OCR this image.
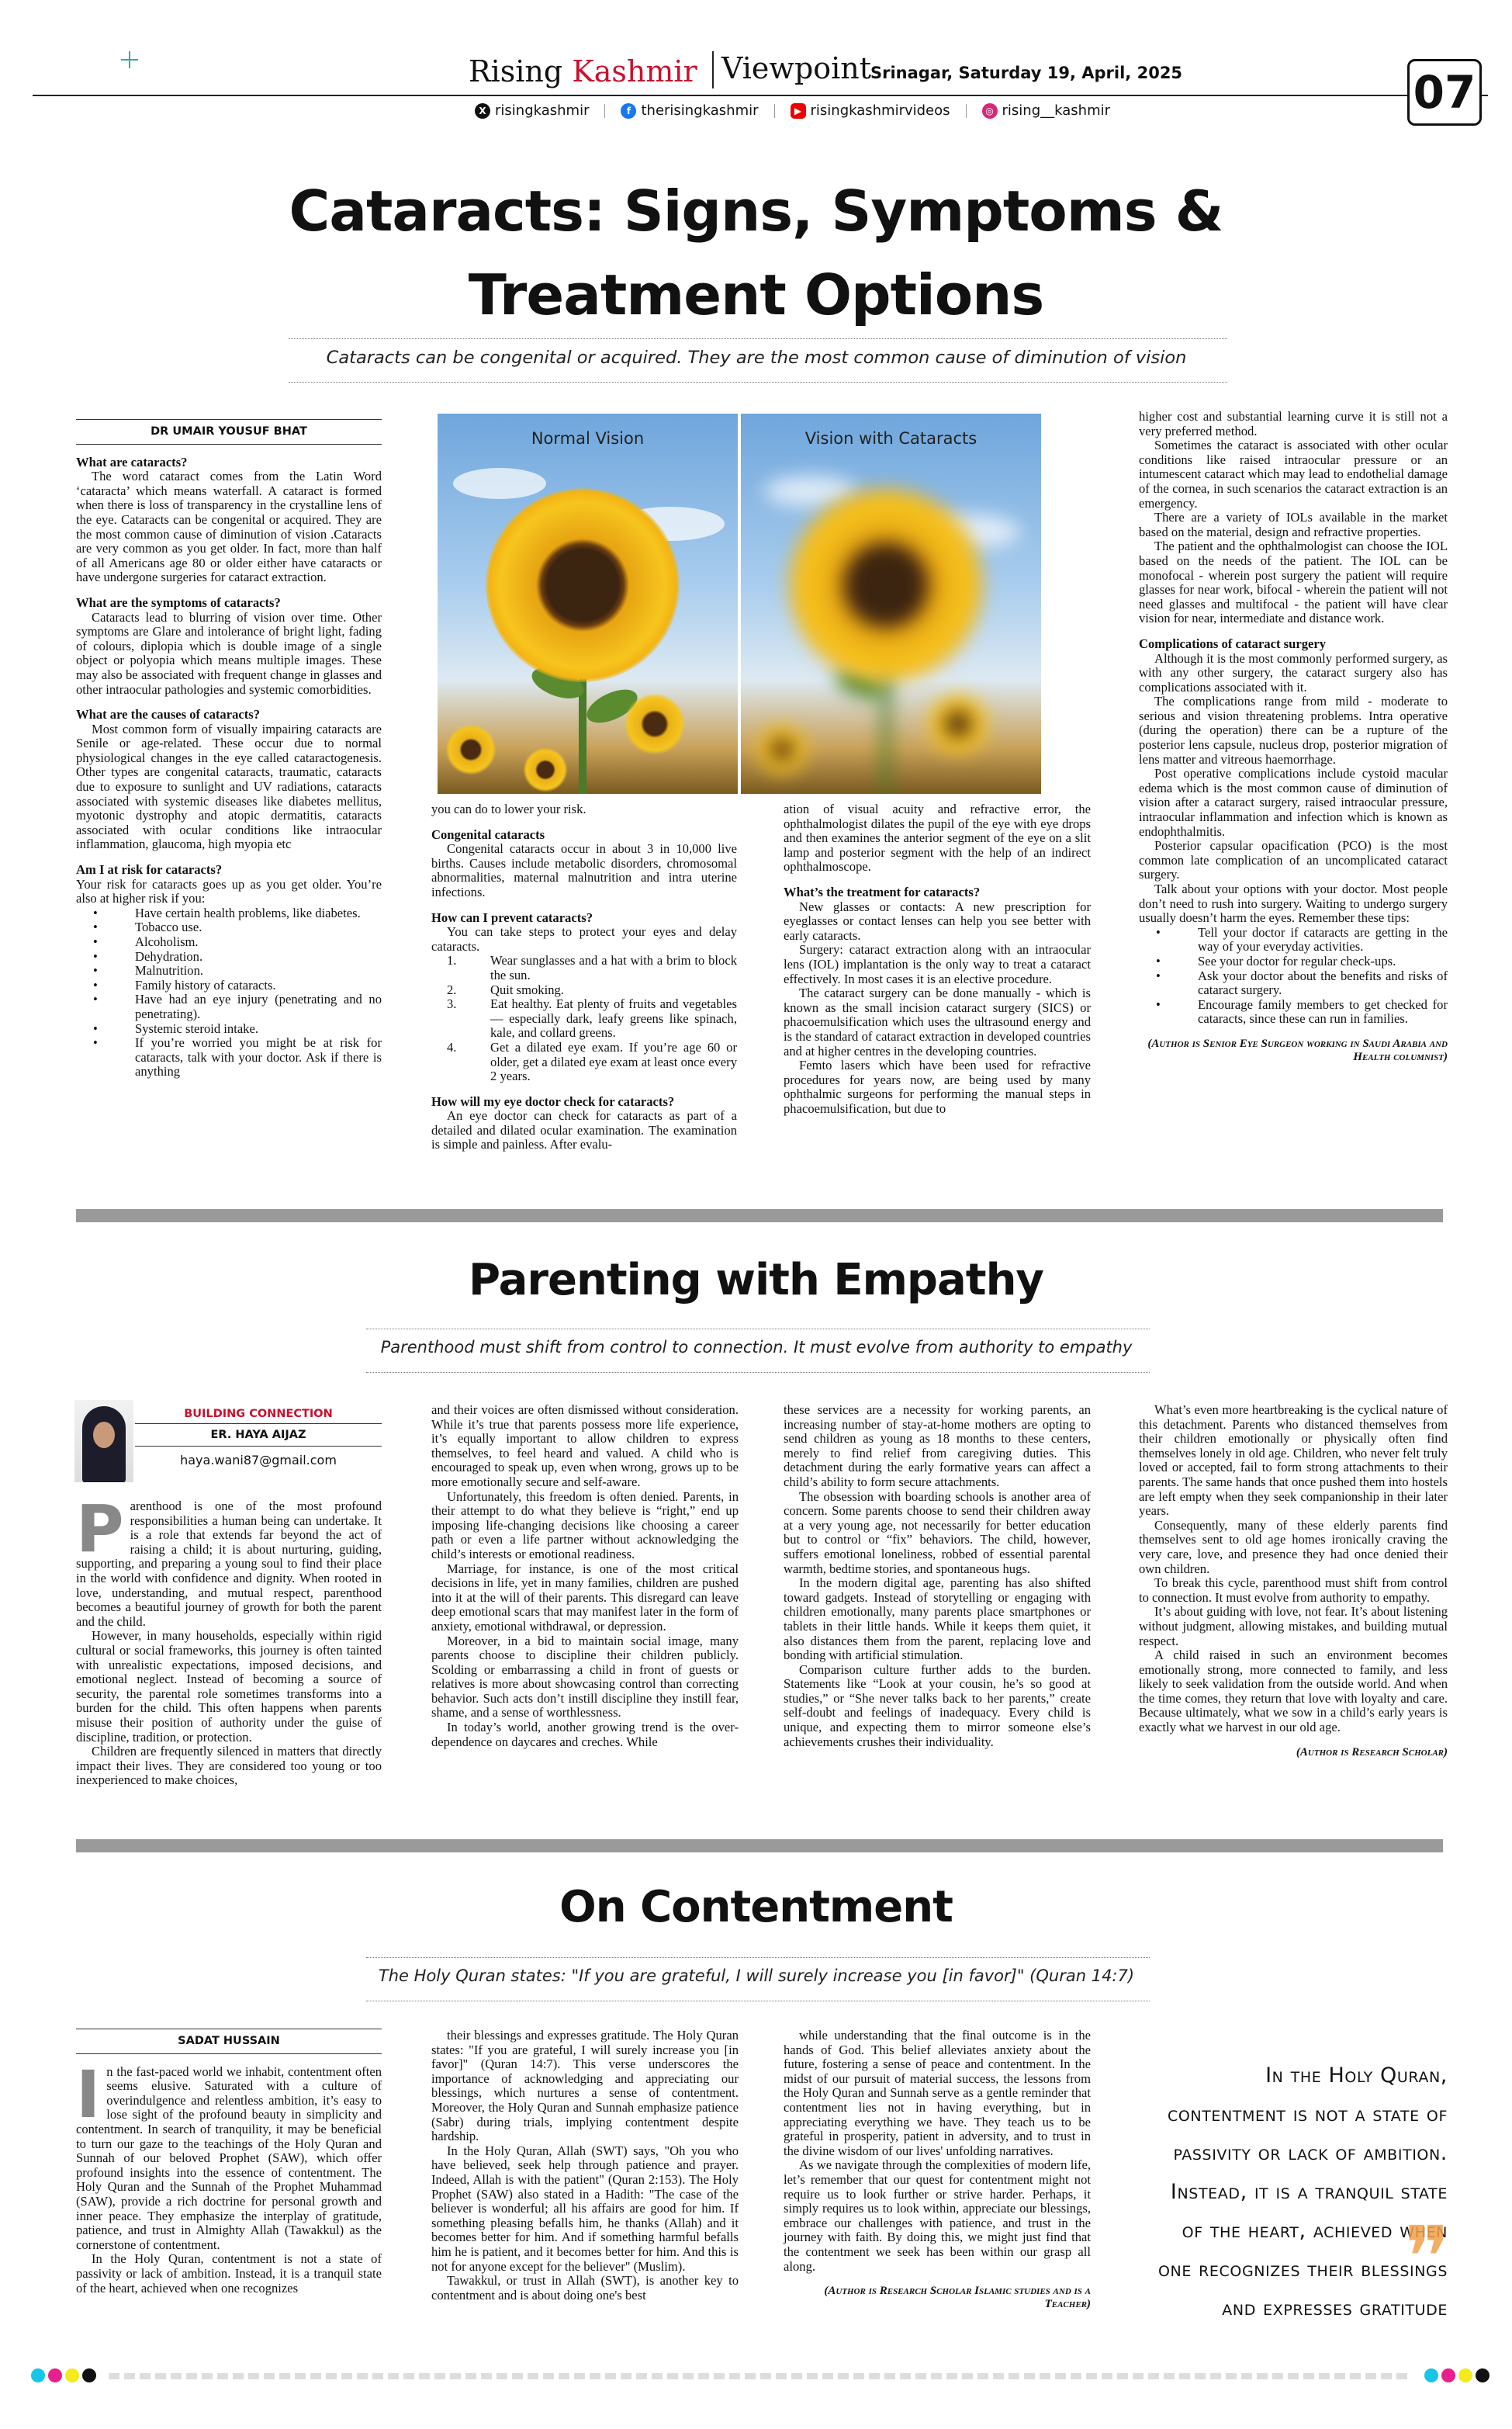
Rising Kashmir Viewpoint
Srinagar, Saturday 19, April, 2025	07
X risingkashmir	f therisingkashmir	▶ risingkashmirvideos	◎ rising__kashmir
Cataracts: Signs, Symptoms &
Treatment Options
Cataracts can be congenital or acquired. They are the most common cause of diminution of vision
DR UMAIR YOUSUF BHAT

What are cataracts?

The word cataract comes from the Latin Word ‘cataracta’ which means waterfall. A cataract is formed when there is loss of transparency in the crystalline lens of the eye. Cataracts can be congenital or acquired. They are the most common cause of diminution of vision .Cataracts are very common as you get older. In fact, more than half of all Americans age 80 or older either have cataracts or have undergone surgeries for cataract extraction.

What are the symptoms of cataracts?

Cataracts lead to blurring of vision over time. Other symptoms are Glare and intolerance of bright light, fading of colours, diplopia which is double image of a single object or polyopia which means multiple images. These may also be associated with frequent change in glasses and other intraocular pathologies and systemic comorbidities.

What are the causes of cataracts?

Most common form of visually impairing cataracts are Senile or age-related. These occur due to normal physiological changes in the eye called cataractogenesis. Other types are congenital cataracts, traumatic, cataracts due to exposure to sunlight and UV radiations, cataracts associated with systemic diseases like diabetes mellitus, myotonic dystrophy and atopic dermatitis, cataracts associated with ocular conditions like intraocular inflammation, glaucoma, high myopia etc

Am I at risk for cataracts?

Your risk for cataracts goes up as you get older. You’re also at higher risk if you:

• Have certain health problems, like diabetes.
• Tobacco use.
• Alcoholism.
• Dehydration.
• Malnutrition.
• Family history of cataracts.
• Have had an eye injury (penetrating and no penetrating).
• Systemic steroid intake.
• If you’re worried you might be at risk for cataracts, talk with your doctor. Ask if there is anything
Normal Vision	Vision with Cataracts

you can do to lower your risk.

Congenital cataracts

Congenital cataracts occur in about 3 in 10,000 live births. Causes include metabolic disorders, chromosomal abnormalities, maternal malnutrition and intra uterine infections.

How can I prevent cataracts?

You can take steps to protect your eyes and delay cataracts.

1.	Wear sunglasses and a hat with a brim to block the sun.
2.	Quit smoking.
3.	Eat healthy. Eat plenty of fruits and vegetables — especially dark, leafy greens like spinach, kale, and collard greens.
4.	Get a dilated eye exam. If you’re age 60 or older, get a dilated eye exam at least once every 2 years.

How will my eye doctor check for cataracts?

An eye doctor can check for cataracts as part of a detailed and dilated ocular examination. The examination is simple and painless. After evalu-

ation of visual acuity and refractive error, the ophthalmologist dilates the pupil of the eye with eye drops and then examines the anterior segment of the eye on a slit lamp and posterior segment with the help of an indirect ophthalmoscope.

What’s the treatment for cataracts?

New glasses or contacts: A new prescription for eyeglasses or contact lenses can help you see better with early cataracts.

Surgery: cataract extraction along with an intraocular lens (IOL) implantation is the only way to treat a cataract effectively. In most cases it is an elective procedure.

The cataract surgery can be done manually - which is known as the small incision cataract surgery (SICS) or phacoemulsification which uses the ultrasound energy and is the standard of cataract extraction in developed countries and at higher centres in the developing countries.

Femto lasers which have been used for refractive procedures for years now, are being used by many ophthalmic surgeons for performing the manual steps in phacoemulsification, but due to

higher cost and substantial learning curve it is still not a very preferred method.

Sometimes the cataract is associated with other ocular conditions like raised intraocular pressure or an intumescent cataract which may lead to endothelial damage of the cornea, in such scenarios the cataract extraction is an emergency.

There are a variety of IOLs available in the market based on the material, design and refractive properties.

The patient and the ophthalmologist can choose the IOL based on the needs of the patient. The IOL can be monofocal - wherein post surgery the patient will require glasses for near work, bifocal - wherein the patient will not need glasses and multifocal - the patient will have clear vision for near, intermediate and distance work.

Complications of cataract surgery

Although it is the most commonly performed surgery, as with any other surgery, the cataract surgery also has complications associated with it.

The complications range from mild - moderate to serious and vision threatening problems. Intra operative (during the operation) there can be a rupture of the posterior lens capsule, nucleus drop, posterior migration of lens matter and vitreous haemorrhage.

Post operative complications include cystoid macular edema which is the most common cause of diminution of vision after a cataract surgery, raised intraocular pressure, intraocular inflammation and infection which is known as endophthalmitis.

Posterior capsular opacification (PCO) is the most common late complication of an uncomplicated cataract surgery.

Talk about your options with your doctor. Most people don’t need to rush into surgery. Waiting to undergo surgery usually doesn’t harm the eyes. Remember these tips:

• Tell your doctor if cataracts are getting in the way of your everyday activities.
• See your doctor for regular check-ups.
• Ask your doctor about the benefits and risks of cataract surgery.
• Encourage family members to get checked for cataracts, since these can run in families.
(Author is Senior Eye Surgeon working in Saudi Arabia and Health columnist)
Parenting with Empathy
Parenthood must shift from control to connection. It must evolve from authority to empathy
BUILDING CONNECTION
ER. HAYA AIJAZ
haya.wani87@gmail.com

Parenthood is one of the most profound responsibilities a human being can undertake. It is a role that extends far beyond the act of raising a child; it is about nurturing, guiding, supporting, and preparing a young soul to find their place in the world with confidence and dignity. When rooted in love, understanding, and mutual respect, parenthood becomes a beautiful journey of growth for both the parent and the child.

However, in many households, especially within rigid cultural or social frameworks, this journey is often tainted with unrealistic expectations, imposed decisions, and emotional neglect. Instead of becoming a source of security, the parental role sometimes transforms into a burden for the child. This often happens when parents misuse their position of authority under the guise of discipline, tradition, or protection.

Children are frequently silenced in matters that directly impact their lives. They are considered too young or too inexperienced to make choices,

and their voices are often dismissed without consideration. While it’s true that parents possess more life experience, it’s equally important to allow children to express themselves, to feel heard and valued. A child who is encouraged to speak up, even when wrong, grows up to be more emotionally secure and self-aware.

Unfortunately, this freedom is often denied. Parents, in their attempt to do what they believe is “right,” end up imposing life-changing decisions like choosing a career path or even a life partner without acknowledging the child’s interests or emotional readiness.

Marriage, for instance, is one of the most critical decisions in life, yet in many families, children are pushed into it at the will of their parents. This disregard can leave deep emotional scars that may manifest later in the form of anxiety, emotional withdrawal, or depression.

Moreover, in a bid to maintain social image, many parents choose to discipline their children publicly. Scolding or embarrassing a child in front of guests or relatives is more about showcasing control than correcting behavior. Such acts don’t instill discipline they instill fear, shame, and a sense of worthlessness.

In today’s world, another growing trend is the over-dependence on daycares and creches. While

these services are a necessity for working parents, an increasing number of stay-at-home mothers are opting to send children as young as 18 months to these centers, merely to find relief from caregiving duties. This detachment during the early formative years can affect a child’s ability to form secure attachments.

The obsession with boarding schools is another area of concern. Some parents choose to send their children away at a very young age, not necessarily for better education but to control or “fix” behaviors. The child, however, suffers emotional loneliness, robbed of essential parental warmth, bedtime stories, and spontaneous hugs.

In the modern digital age, parenting has also shifted toward gadgets. Instead of storytelling or engaging with children emotionally, many parents place smartphones or tablets in their little hands. While it keeps them quiet, it also distances them from the parent, replacing love and bonding with artificial stimulation.

Comparison culture further adds to the burden. Statements like “Look at your cousin, he’s so good at studies,” or “She never talks back to her parents,” create self-doubt and feelings of inadequacy. Every child is unique, and expecting them to mirror someone else’s achievements crushes their individuality.

What’s even more heartbreaking is the cyclical nature of this detachment. Parents who distanced themselves from their children emotionally or physically often find themselves lonely in old age. Children, who never felt truly loved or accepted, fail to form strong attachments to their parents. The same hands that once pushed them into hostels are left empty when they seek companionship in their later years.

Consequently, many of these elderly parents find themselves sent to old age homes ironically craving the very care, love, and presence they had once denied their own children.

To break this cycle, parenthood must shift from control to connection. It must evolve from authority to empathy.

It’s about guiding with love, not fear. It’s about listening without judgment, allowing mistakes, and building mutual respect.

A child raised in such an environment becomes emotionally strong, more connected to family, and less likely to seek validation from the outside world. And when the time comes, they return that love with loyalty and care. Because ultimately, what we sow in a child’s early years is exactly what we harvest in our old age.

(Author is Research Scholar)
On Contentment
The Holy Quran states: "If you are grateful, I will surely increase you [in favor]" (Quran 14:7)
SADAT HUSSAIN

In the fast-paced world we inhabit, contentment often seems elusive. Saturated with a culture of overindulgence and relentless ambition, it’s easy to lose sight of the profound beauty in simplicity and contentment. In search of tranquility, it may be beneficial to turn our gaze to the teachings of the Holy Quran and Sunnah of our beloved Prophet (SAW), which offer profound insights into the essence of contentment. The Holy Quran and the Sunnah of the Prophet Muhammad (SAW), provide a rich doctrine for personal growth and inner peace. They emphasize the interplay of gratitude, patience, and trust in Almighty Allah (Tawakkul) as the cornerstone of contentment.

In the Holy Quran, contentment is not a state of passivity or lack of ambition. Instead, it is a tranquil state of the heart, achieved when one recognizes

their blessings and expresses gratitude. The Holy Quran states: "If you are grateful, I will surely increase you [in favor]" (Quran 14:7). This verse underscores the importance of acknowledging and appreciating our blessings, which nurtures a sense of contentment. Moreover, the Holy Quran and Sunnah emphasize patience (Sabr) during trials, implying contentment despite hardship.

In the Holy Quran, Allah (SWT) says, "Oh you who have believed, seek help through patience and prayer. Indeed, Allah is with the patient" (Quran 2:153). The Holy Prophet (SAW) also stated in a Hadith: "The case of the believer is wonderful; all his affairs are good for him. If something pleasing befalls him, he thanks (Allah) and it becomes better for him. And if something harmful befalls him he is patient, and it becomes better for him. And this is not for anyone except for the believer" (Muslim).

Tawakkul, or trust in Allah (SWT), is another key to contentment and is about doing one's best

while understanding that the final outcome is in the hands of God. This belief alleviates anxiety about the future, fostering a sense of peace and contentment. In the midst of our pursuit of material success, the lessons from the Holy Quran and Sunnah serve as a gentle reminder that contentment lies not in having everything, but in appreciating everything we have. They teach us to be grateful in prosperity, patient in adversity, and to trust in the divine wisdom of our lives' unfolding narratives.

As we navigate through the complexities of modern life, let’s remember that our quest for contentment might not require us to look further or strive harder. Perhaps, it simply requires us to look within, appreciate our blessings, embrace our challenges with patience, and trust in the journey with faith. By doing this, we might just find that the contentment we seek has been within our grasp all along.

(Author is Research Scholar Islamic studies and is a Teacher)
In the Holy Quran, contentment is not a state of passivity or lack of ambition. Instead, it is a tranquil state of the heart, achieved when one recognizes their blessings and expresses gratitude
❞
